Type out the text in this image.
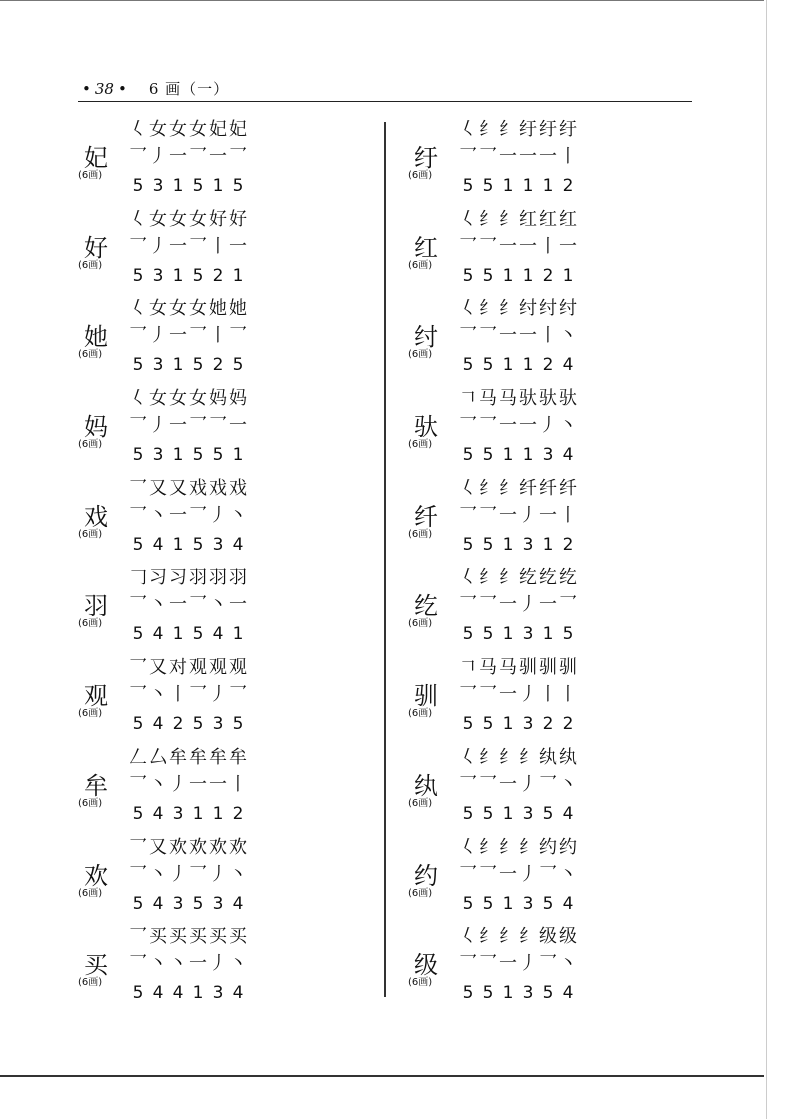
• 38 • 6 画（一）
妃
(6画)
𡿨 女 女 女 妃 妃
乛 丿 一 乛 一 乛
5 3 1 5 1 5
好
(6画)
𡿨 女 女 女 好 好
乛 丿 一 乛 丨 一
5 3 1 5 2 1
她
(6画)
𡿨 女 女 女 她 她
乛 丿 一 乛 丨 乛
5 3 1 5 2 5
妈
(6画)
𡿨 女 女 女 妈 妈
乛 丿 一 乛 乛 一
5 3 1 5 5 1
戏
(6画)
乛 又 又 戏 戏 戏
乛 丶 一 乛 丿 丶
5 4 1 5 3 4
羽
(6画)
𠃌 习 习 羽 羽 羽
乛 丶 一 乛 丶 一
5 4 1 5 4 1
观
(6画)
乛 又 对 观 观 观
乛 丶 丨 乛 丿 乛
5 4 2 5 3 5
牟
(6画)
𠃋 厶 牟 牟 牟 牟
乛 丶 丿 一 一 丨
5 4 3 1 1 2
欢
(6画)
乛 又 欢 欢 欢 欢
乛 丶 丿 乛 丿 丶
5 4 3 5 3 4
买
(6画)
乛 买 买 买 买 买
乛 丶 丶 一 丿 丶
5 4 4 1 3 4
纡
(6画)
𡿨 纟 纟 纡 纡 纡
乛 乛 一 一 一 丨
5 5 1 1 1 2
红
(6画)
𡿨 纟 纟 红 红 红
乛 乛 一 一 丨 一
5 5 1 1 2 1
纣
(6画)
𡿨 纟 纟 纣 纣 纣
乛 乛 一 一 丨 丶
5 5 1 1 2 4
驮
(6画)
𠃍 马 马 驮 驮 驮
乛 乛 一 一 丿 丶
5 5 1 1 3 4
纤
(6画)
𡿨 纟 纟 纤 纤 纤
乛 乛 一 丿 一 丨
5 5 1 3 1 2
纥
(6画)
𡿨 纟 纟 纥 纥 纥
乛 乛 一 丿 一 乛
5 5 1 3 1 5
驯
(6画)
𠃍 马 马 驯 驯 驯
乛 乛 一 丿 丨 丨
5 5 1 3 2 2
纨
(6画)
𡿨 纟 纟 纟 纨 纨
乛 乛 一 丿 乛 丶
5 5 1 3 5 4
约
(6画)
𡿨 纟 纟 纟 约 约
乛 乛 一 丿 乛 丶
5 5 1 3 5 4
级
(6画)
𡿨 纟 纟 纟 级 级
乛 乛 一 丿 乛 丶
5 5 1 3 5 4
